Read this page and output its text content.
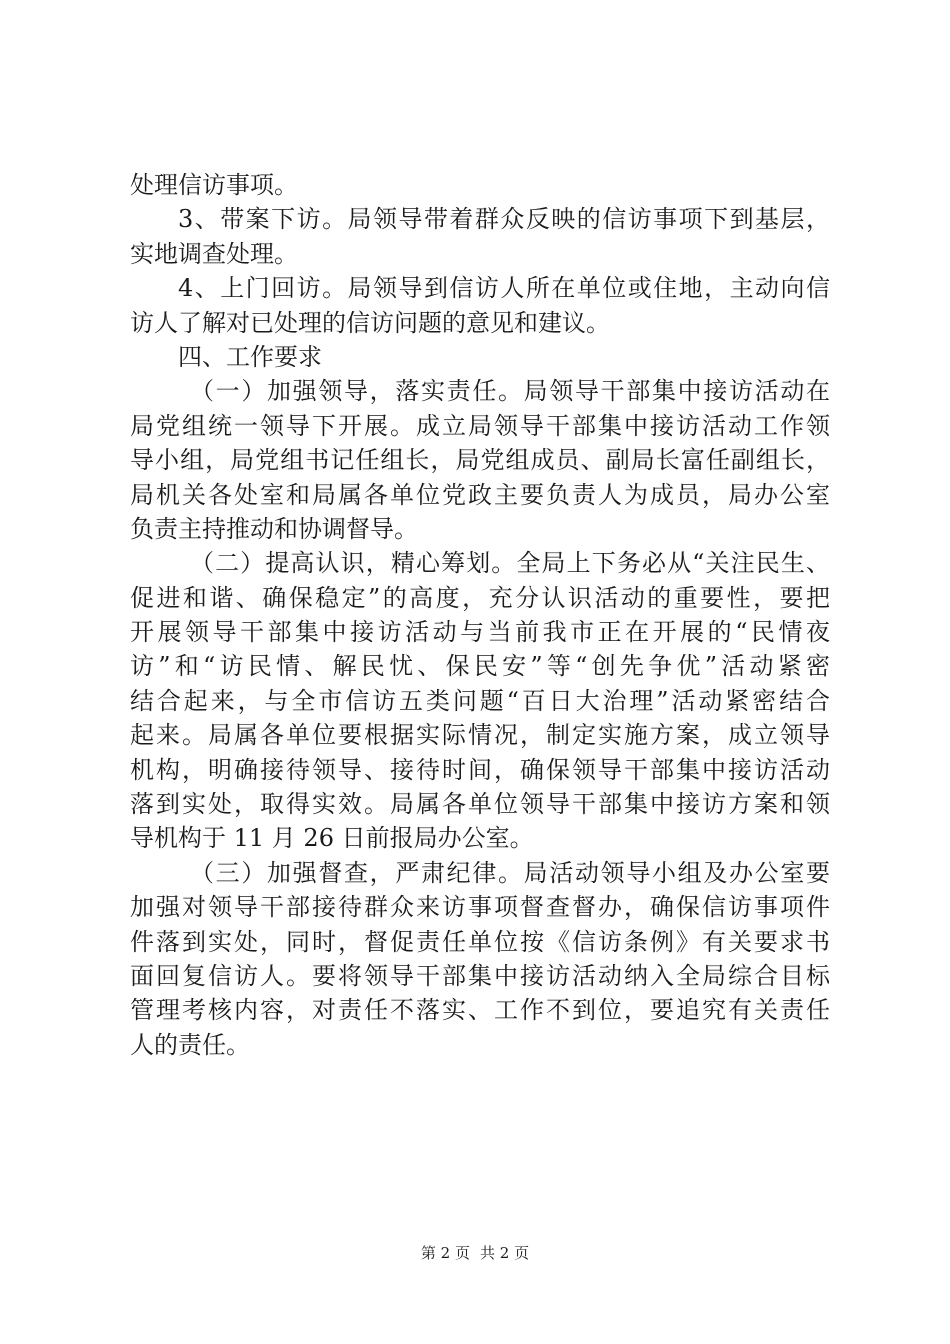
处理信访事项。
3、带案下访。局领导带着群众反映的信访事项下到基层，
实地调查处理。
4、上门回访。局领导到信访人所在单位或住地，主动向信
访人了解对已处理的信访问题的意见和建议。
四、工作要求
（一）加强领导，落实责任。局领导干部集中接访活动在
局党组统一领导下开展。成立局领导干部集中接访活动工作领
导小组，局党组书记任组长，局党组成员、副局长富任副组长，
局机关各处室和局属各单位党政主要负责人为成员，局办公室
负责主持推动和协调督导。
（二）提高认识，精心筹划。全局上下务必从“关注民生、
促进和谐、确保稳定”的高度，充分认识活动的重要性，要把
开展领导干部集中接访活动与当前我市正在开展的“民情夜
访”和“访民情、解民忧、保民安”等“创先争优”活动紧密
结合起来，与全市信访五类问题“百日大治理”活动紧密结合
起来。局属各单位要根据实际情况，制定实施方案，成立领导
机构，明确接待领导、接待时间，确保领导干部集中接访活动
落到实处，取得实效。局属各单位领导干部集中接访方案和领
导机构于 11 月 26 日前报局办公室。
（三）加强督查，严肃纪律。局活动领导小组及办公室要
加强对领导干部接待群众来访事项督查督办，确保信访事项件
件落到实处，同时，督促责任单位按《信访条例》有关要求书
面回复信访人。要将领导干部集中接访活动纳入全局综合目标
管理考核内容，对责任不落实、工作不到位，要追究有关责任
人的责任。
第 2 页 共 2 页
